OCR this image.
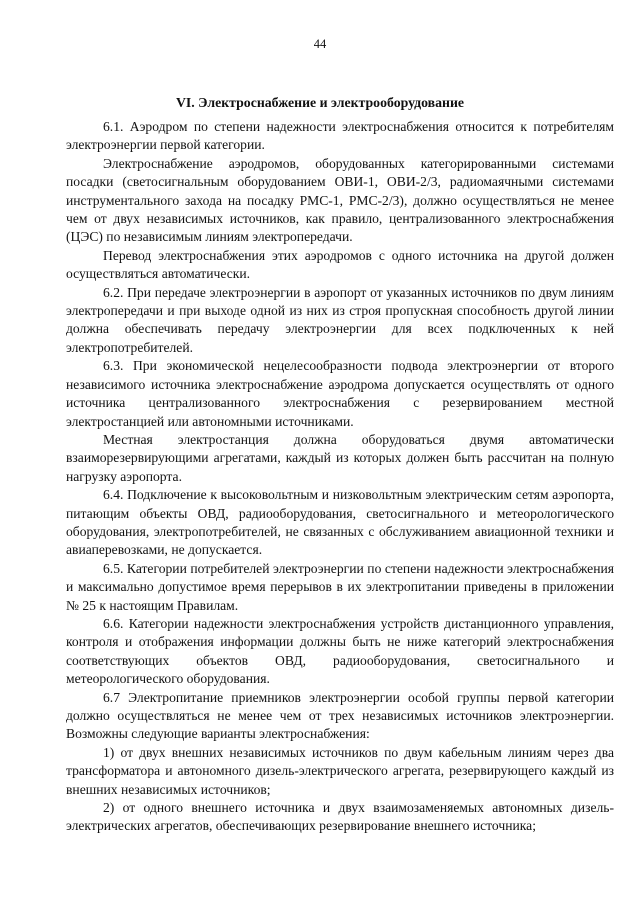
44
VI. Электроснабжение и электрооборудование

6.1. Аэродром по степени надежности электроснабжения относится к потребителям электроэнергии первой категории.

Электроснабжение аэродромов, оборудованных категорированными системами посадки (светосигнальным оборудованием ОВИ-1, ОВИ-2/3, радиомаячными системами инструментального захода на посадку РМС-1, РМС-2/3), должно осуществляться не менее чем от двух независимых источников, как правило, централизованного электроснабжения (ЦЭС) по независимым линиям электропередачи.

Перевод электроснабжения этих аэродромов с одного источника на другой должен осуществляться автоматически.

6.2. При передаче электроэнергии в аэропорт от указанных источников по двум линиям электропередачи и при выходе одной из них из строя пропускная способность другой линии должна обеспечивать передачу электроэнергии для всех подключенных к ней электропотребителей.

6.3. При экономической нецелесообразности подвода электроэнергии от второго независимого источника электроснабжение аэродрома допускается осуществлять от одного источника централизованного электроснабжения с резервированием местной электростанцией или автономными источниками.

Местная электростанция должна оборудоваться двумя автоматически взаиморезервирующими агрегатами, каждый из которых должен быть рассчитан на полную нагрузку аэропорта.

6.4. Подключение к высоковольтным и низковольтным электрическим сетям аэропорта, питающим объекты ОВД, радиооборудования, светосигнального и метеорологического оборудования, электропотребителей, не связанных с обслуживанием авиационной техники и авиаперевозками, не допускается.

6.5. Категории потребителей электроэнергии по степени надежности электроснабжения и максимально допустимое время перерывов в их электропитании приведены в приложении № 25 к настоящим Правилам.

6.6. Категории надежности электроснабжения устройств дистанционного управления, контроля и отображения информации должны быть не ниже категорий электроснабжения соответствующих объектов ОВД, радиооборудования, светосигнального и метеорологического оборудования.

6.7 Электропитание приемников электроэнергии особой группы первой категории должно осуществляться не менее чем от трех независимых источников электроэнергии. Возможны следующие варианты электроснабжения:

1) от двух внешних независимых источников по двум кабельным линиям через два трансформатора и автономного дизель-электрического агрегата, резервирующего каждый из внешних независимых источников;

2) от одного внешнего источника и двух взаимозаменяемых автономных дизель-электрических агрегатов, обеспечивающих резервирование внешнего источника;
